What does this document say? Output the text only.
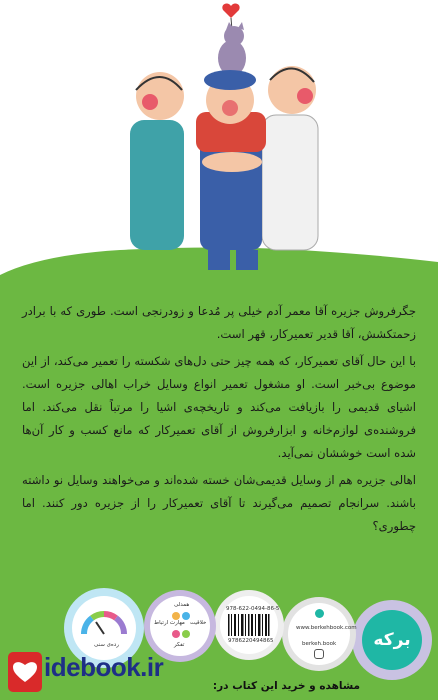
جگرفروش جزیره آقا معمر آدم خیلی پر مُدعا و زودرنجی است. طوری که با برادر زحمتکشش، آقا قدیر تعمیرکار، قهر است.

با این حال آقای تعمیرکار، که همه چیز حتی دل‌های شکسته را تعمیر می‌کند، از این موضوع بی‌خبر است. او مشغول تعمیر انواع وسایل خراب اهالی جزیره است. اشیای قدیمی را بازیافت می‌کند و تاریخچه‌ی اشیا را مرتباً نقل می‌کند. اما فروشنده‌ی لوازم‌خانه و ابزارفروش از آقای تعمیرکار که مانع کسب و کار آن‌ها شده است خوششان نمی‌آید.

اهالی جزیره هم از وسایل قدیمی‌شان خسته شده‌اند و می‌خواهند وسایل نو داشته باشند. سرانجام تصمیم می‌گیرند تا آقای تعمیرکار را از جزیره دور کنند. اما چطوری؟

برکه
www.berkehbook.com
berkeh.book
978-622-0494-86-5
9786220494865
همدلی
مهارت ارتباط خلاقیت
تفکر
رده‌ی سنی
idebook.ir
مشاهده و خرید این کتاب در:
